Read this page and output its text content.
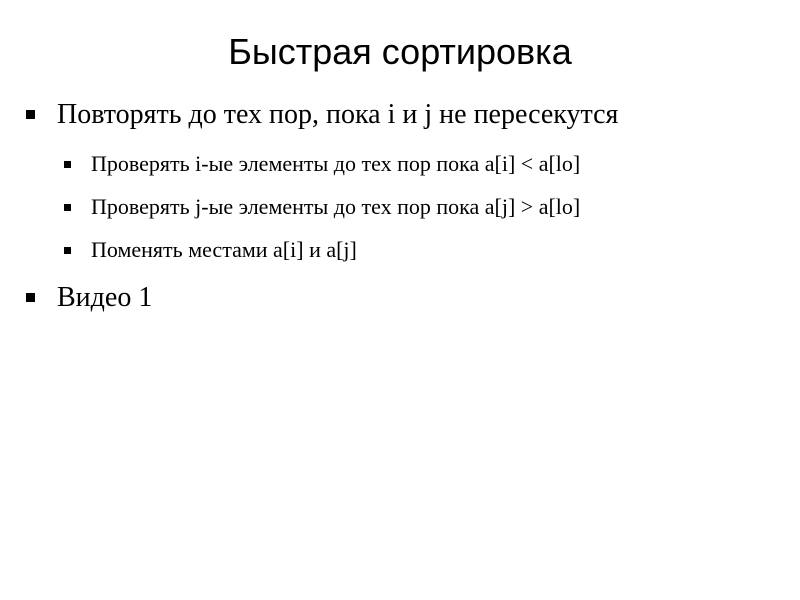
Быстрая сортировка
Повторять до тех пор, пока i и j не пересекутся
Проверять i-ые элементы до тех пор пока a[i] < a[lo]
Проверять j-ые элементы до тех пор пока a[j] > a[lo]
Поменять местами a[i] и a[j]
Видео 1
